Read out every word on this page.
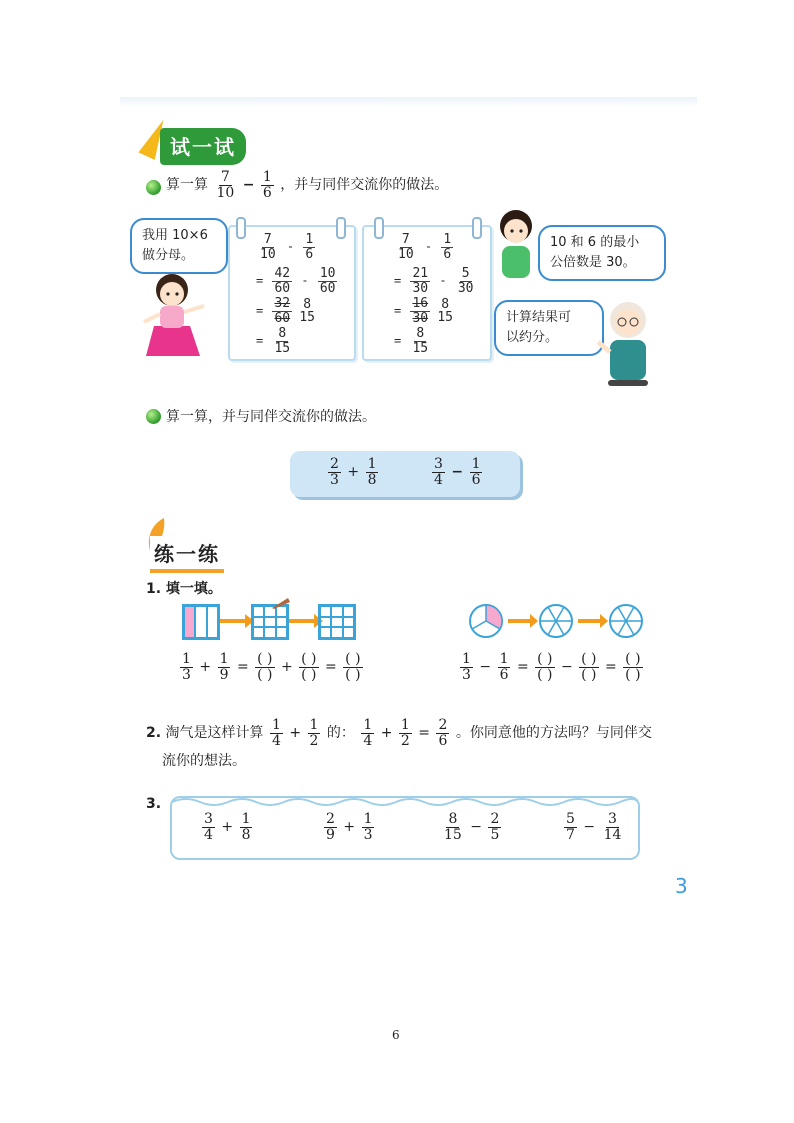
试一试
算一算 $\frac{7}{10} - \frac{1}{6}$ ，并与同伴交流你的做法。
我用 10×6
做分母。	$\frac{7}{10} - \frac{1}{6}$
= $\frac{42}{60} - \frac{10}{60}$
= $\frac{32}{60}$
8
15
= $\frac{8}{15}$
$\frac{7}{10} - \frac{1}{6}$
= $\frac{21}{30} - \frac{5}{30}$
= $\frac{16}{30}$
8
15
= $\frac{8}{15}$
10 和 6 的最小
公倍数是 30。
计算结果可
以约分。
算一算，并与同伴交流你的做法。
$\frac{2}{3} + \frac{1}{8}$	$\frac{3}{4} - \frac{1}{6}$
练一练
1. 填一填。
$\frac{1}{3} + \frac{1}{9} = \frac{( )}{( )} + \frac{( )}{( )} = \frac{( )}{( )}$	$\frac{1}{3} - \frac{1}{6} = \frac{( )}{( )} - \frac{( )}{( )} = \frac{( )}{( )}$
2. 淘气是这样计算 $\frac{1}{4} + \frac{1}{2}$ 的： $\frac{1}{4} + \frac{1}{2} = \frac{2}{6}$ 。你同意他的方法吗？与同伴交
流你的想法。
3.
$\frac{3}{4} + \frac{1}{8}$	$\frac{2}{9} + \frac{1}{3}$	$\frac{8}{15} - \frac{2}{5}$	$\frac{5}{7} - \frac{3}{14}$
3
6
